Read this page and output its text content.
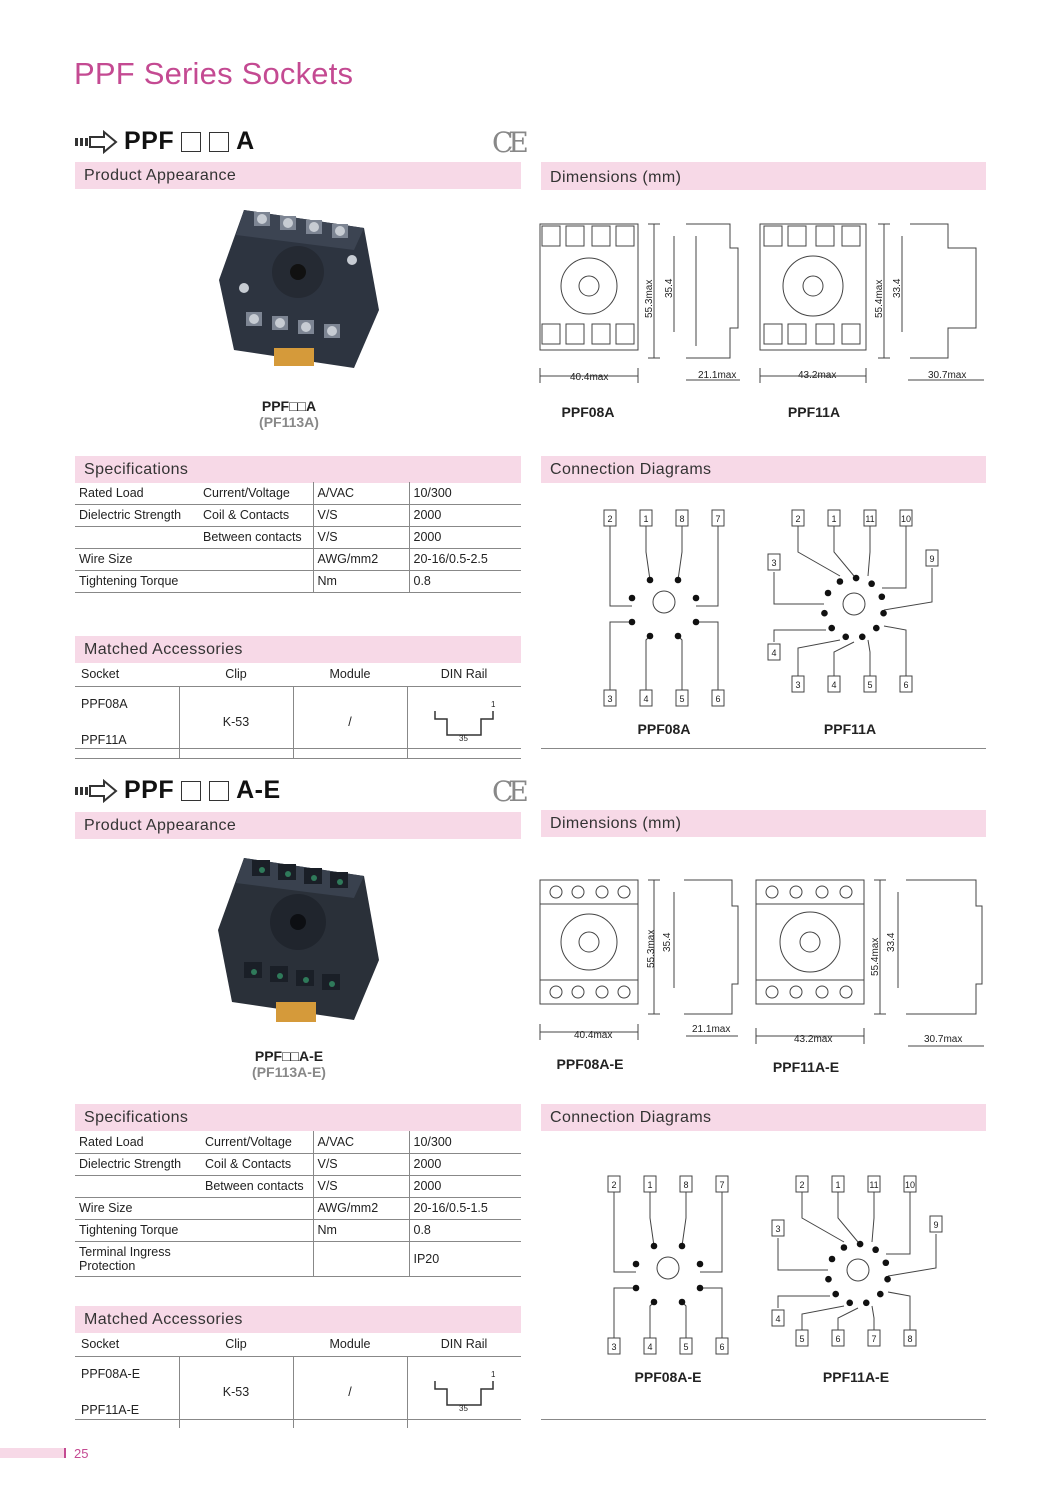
PPF Series Sockets
PPF A	CE
Product Appearance	Dimensions (mm)
PPF□□A
(PF113A)
40.4max
55.3max 35.4
21.1max	43.2max
55.4max 33.4
30.7max
PPF08A	PPF11A
Specifications
Rated Load	Current/Voltage	A/VAC	10/300
Dielectric Strength	Coil & Contacts	V/S	2000
	Between contacts	V/S	2000
Wire Size		AWG/mm2	20-16/0.5-2.5
Tightening Torque		Nm	0.8
Connection Diagrams
2	1	8	7
3	4	5	6
2	1	11	10
3	9
4
3	4	5	6
PPF08A	PPF11A
Matched Accessories
Socket	Clip	Module	DIN Rail
PPF08A	K-53	/	35
1

PPF11A			
PPF A-E	CE
Product Appearance	Dimensions (mm)
PPF□□A-E
(PF113A-E)
40.4max
55.3max 35.4
21.1max
43.2max
55.4max 33.4
30.7max
PPF08A-E	PPF11A-E
Specifications
Rated Load	Current/Voltage	A/VAC	10/300
Dielectric Strength	Coil & Contacts	V/S	2000
	Between contacts	V/S	2000
Wire Size		AWG/mm2	20-16/0.5-1.5
Tightening Torque		Nm	0.8
Terminal Ingress Protection			IP20
Connection Diagrams
2	1	8	7
3	4	5	6
2	1	11	10
3	9
4
5	6	7	8
PPF08A-E	PPF11A-E
Matched Accessories
Socket	Clip	Module	DIN Rail
PPF08A-E	K-53	/	35
1

PPF11A-E			
25
